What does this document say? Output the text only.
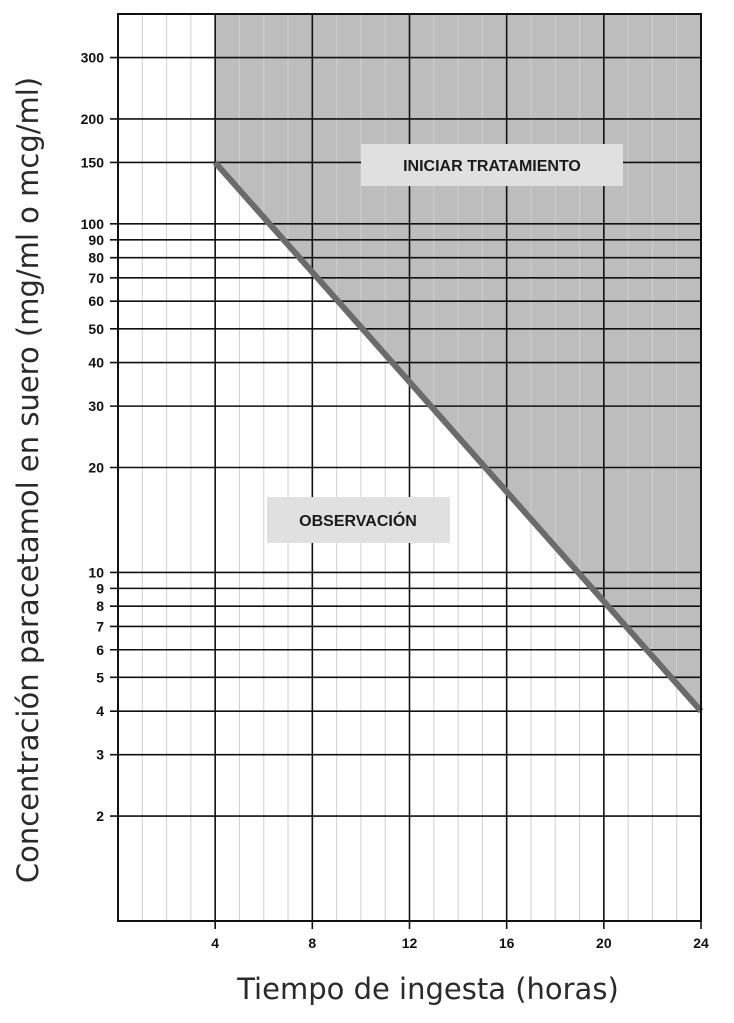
2
3
4
5
6
7
8
9
10
20
30
40
50
60
70
80
90
100
150
200
300
4	8	12	16	20	24
INICIAR TRATAMIENTO
OBSERVACIÓN
Tiempo de ingesta (horas)
Concentración paracetamol en suero (mg/ml o mcg/ml)
